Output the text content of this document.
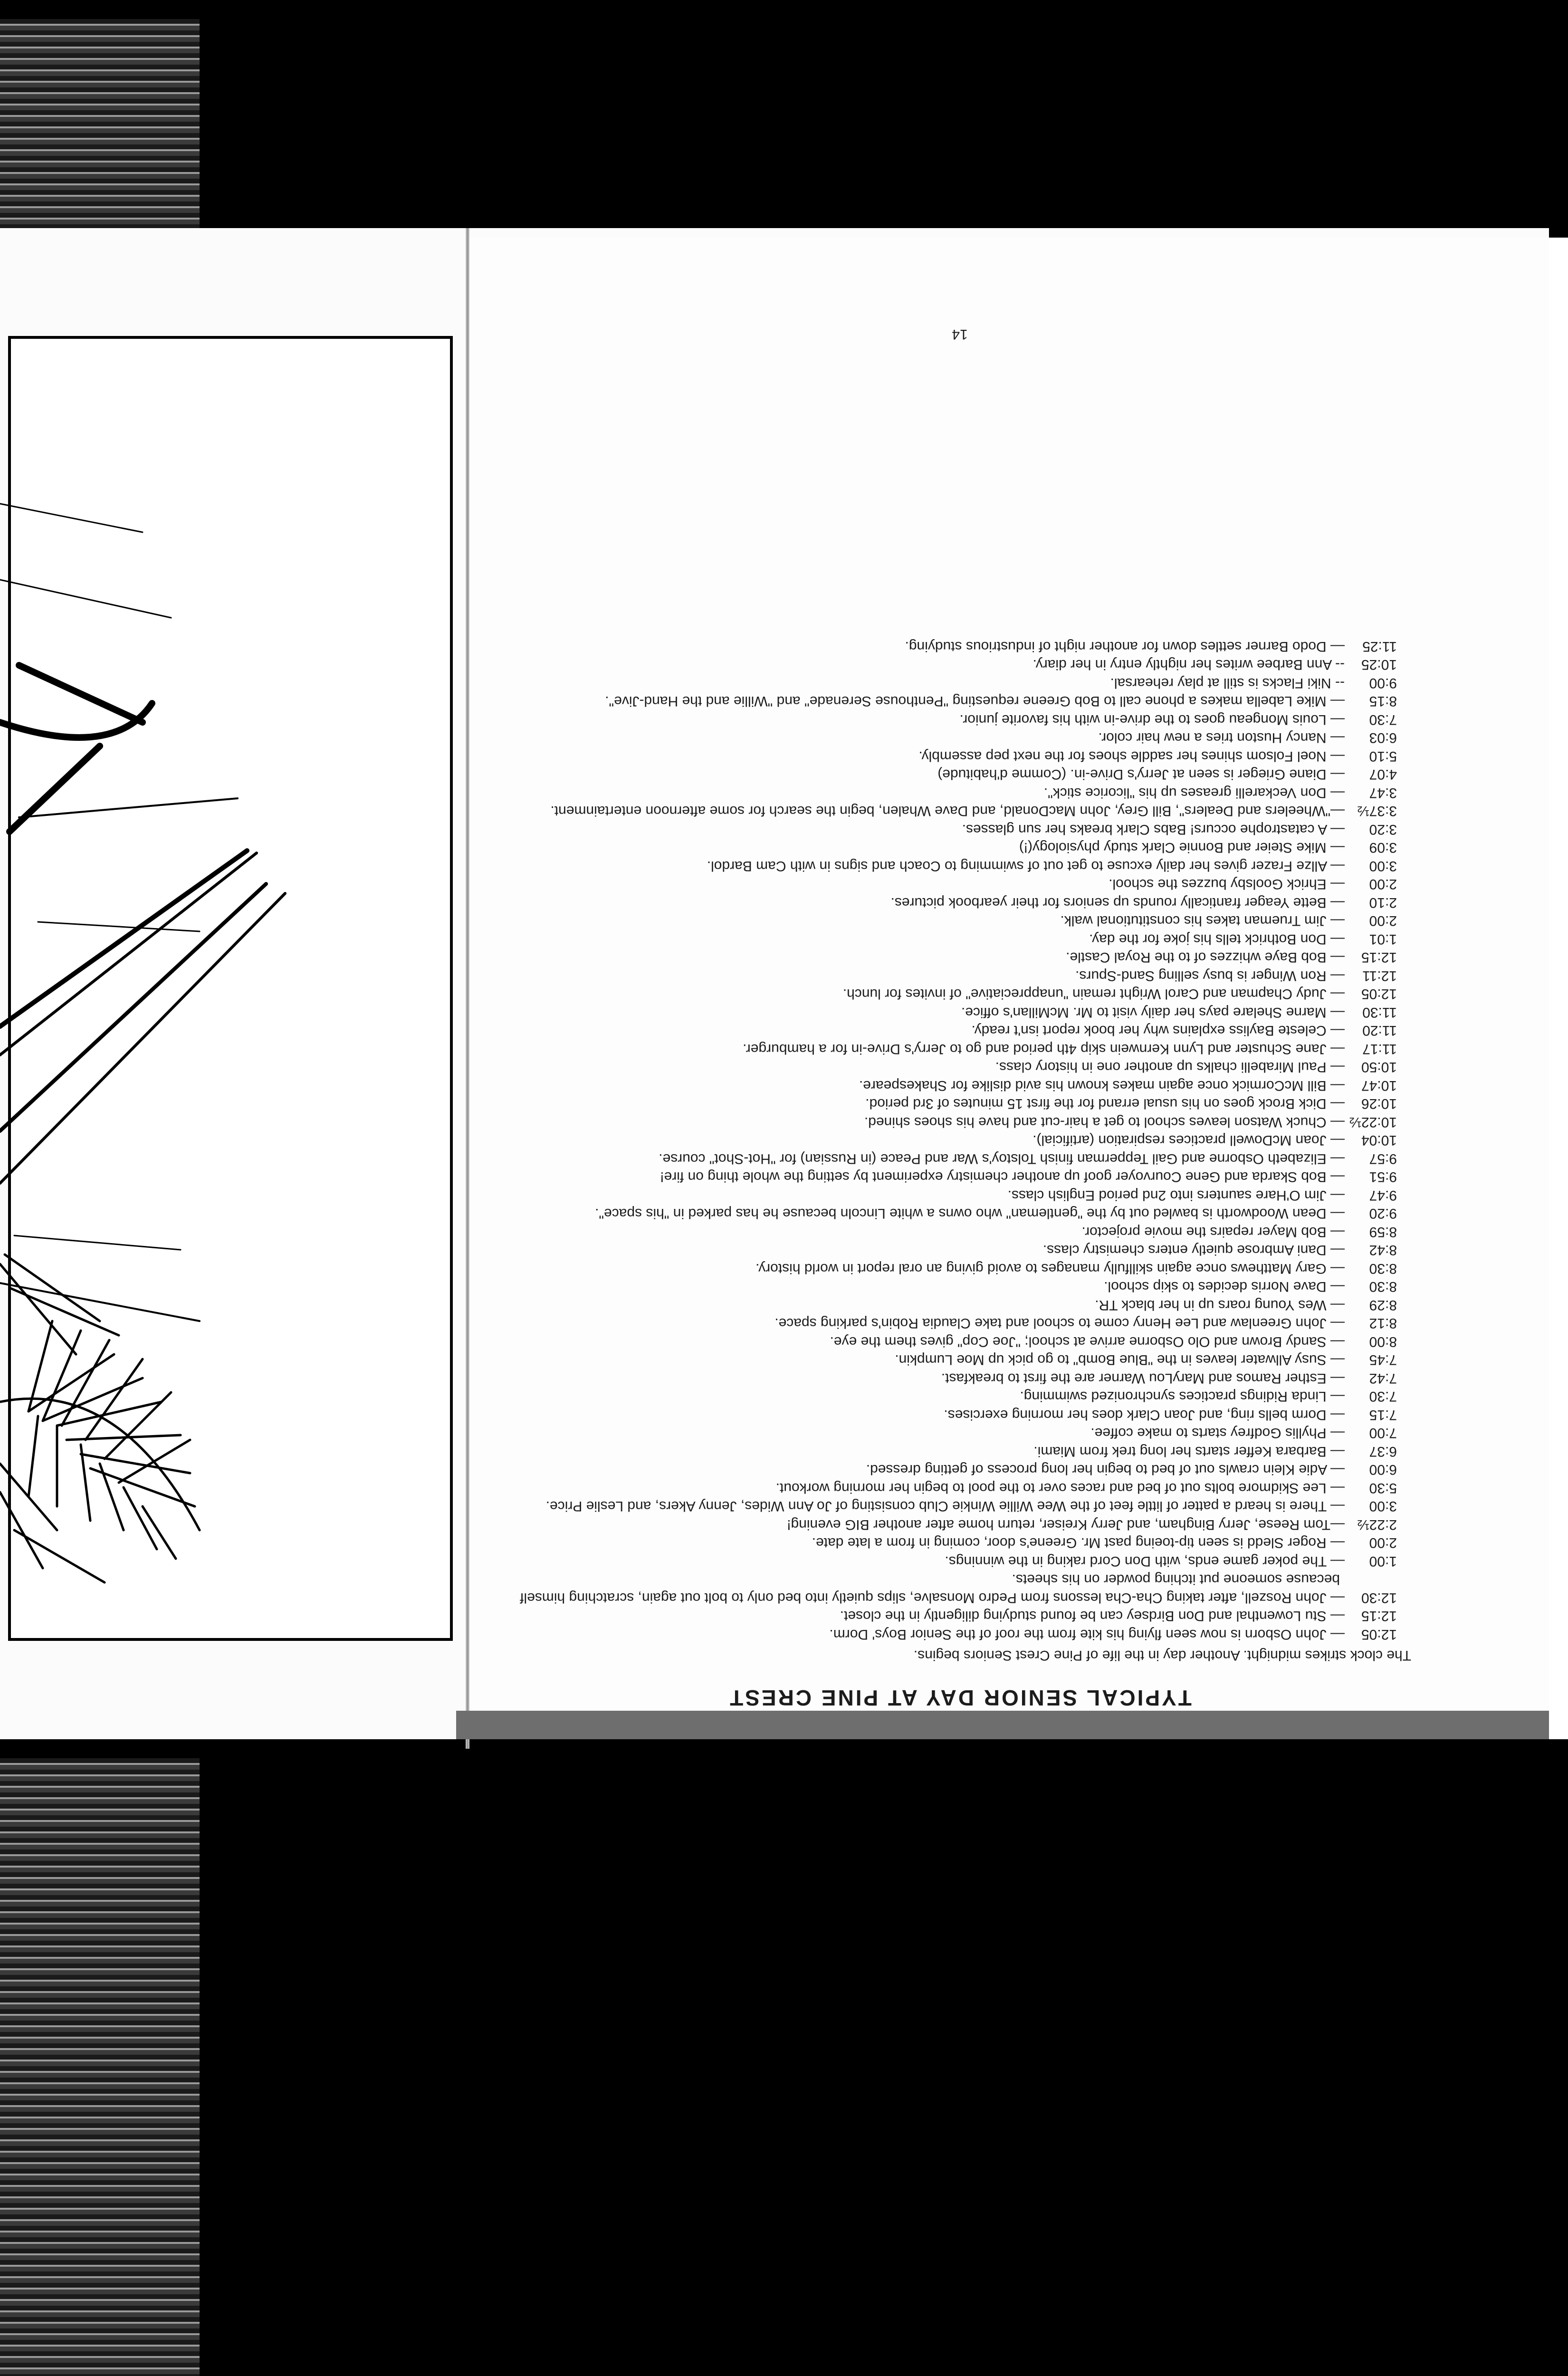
TYPICAL SENIOR DAY AT PINE CREST
The clock strikes midnight. Another day in the life of Pine Crest Seniors begins.
12:05— John Osborn is now seen flying his kite from the roof of the Senior Boys' Dorm.
12:15— Stu Lowenthal and Don Birdsey can be found studying diligently in the closet.
12:30— John Roszell, after taking Cha-Cha lessons from Pedro Monsalve, slips quietly into bed only to bolt out again, scratching himself because someone put itching powder on his sheets.
1:00— The poker game ends, with Don Cord raking in the winnings.
2:00— Roger Sledd is seen tip-toeing past Mr. Greene's door, coming in from a late date.
2:22½—Tom Reese, Jerry Bingham, and Jerry Kreiser, return home after another BIG evening!
3:00— There is heard a patter of little feet of the Wee Willie Winkie Club consisting of Jo Ann Wides, Jenny Akers, and Leslie Price.
5:30— Lee Skidmore bolts out of bed and races over to the pool to begin her morning workout.
6:00— Adie Klein crawls out of bed to begin her long process of getting dressed.
6:37— Barbara Keffer starts her long trek from Miami.
7:00— Phyllis Godfrey starts to make coffee.
7:15— Dorm bells ring, and Joan Clark does her morning exercises.
7:30— Linda Ridings practices synchronized swimming.
7:42— Esther Ramos and MaryLou Warner are the first to breakfast.
7:45— Susy Allwater leaves in the "Blue Bomb" to go pick up Moe Lumpkin.
8:00— Sandy Brown and Olo Osborne arrive at school; "Joe Cop" gives them the eye.
8:12— John Greenlaw and Lee Henry come to school and take Claudia Robin's parking space.
8:29— Wes Young roars up in her black TR.
8:30— Dave Norris decides to skip school.
8:30— Gary Matthews once again skillfully manages to avoid giving an oral report in world history.
8:42— Dani Ambrose quietly enters chemistry class.
8:59— Bob Mayer repairs the movie projector.
9:20— Dean Woodworth is bawled out by the "gentleman" who owns a white Lincoln because he has parked in "his space".
9:47— Jim O'Hare saunters into 2nd period English class.
9:51— Bob Skarda and Gene Courvoyer goof up another chemistry experiment by setting the whole thing on fire!
9:57— Elizabeth Osborne and Gail Tepperman finish Tolstoy's War and Peace (in Russian) for "Hot-Shot" course.
10:04— Joan McDowell practices respiration (artificial).
10:22½— Chuck Watson leaves school to get a hair-cut and have his shoes shined.
10:26— Dick Brock goes on his usual errand for the first 15 minutes of 3rd period.
10:47— Bill McCormick once again makes known his avid dislike for Shakespeare.
10:50— Paul Mirabelli chalks up another one in history class.
11:17— Jane Schuster and Lynn Kernwein skip 4th period and go to Jerry's Drive-in for a hamburger.
11:20— Celeste Bayliss explains why her book report isn't ready.
11:30— Marne Shelare pays her daily visit to Mr. McMillan's office.
12:05— Judy Chapman and Carol Wright remain "unappreciative" of invites for lunch.
12:11— Ron Winger is busy selling Sand-Spurs.
12:15— Bob Baye whizzes of to the Royal Castle.
1:01— Don Bothrick tells his joke for the day.
2:00— Jim Trueman takes his constitutional walk.
2:10— Bette Yeager frantically rounds up seniors for their yearbook pictures.
2:00— Ehrick Goolsby buzzes the school.
3:00— Allze Frazer gives her daily excuse to get out of swimming to Coach and signs in with Cam Bardol.
3:09— Mike Steier and Bonnie Clark study physiology(!)
3:20— A catastrophe occurs! Babs Clark breaks her sun glasses.
3:37½—"Wheelers and Dealers", Bill Grey, John MacDonald, and Dave Whalen, begin the search for some afternoon entertainment.
3:47— Don Veckarelli greases up his "licorice stick".
4:07— Diane Grieger is seen at Jerry's Drive-in. (Comme d'habitude)
5:10— Noel Folsom shines her saddle shoes for the next pep assembly.
6:03— Nancy Huston tries a new hair color.
7:30— Louis Mongeau goes to the drive-in with his favorite junior.
8:15— Mike Labella makes a phone call to Bob Greene requesting "Penthouse Serenade" and "Willie and the Hand-Jive".
9:00-- Niki Flacks is still at play rehearsal.
10:25-- Ann Barbee writes her nightly entry in her diary.
11:25— Dodo Barner settles down for another night of industrious studying.
14
